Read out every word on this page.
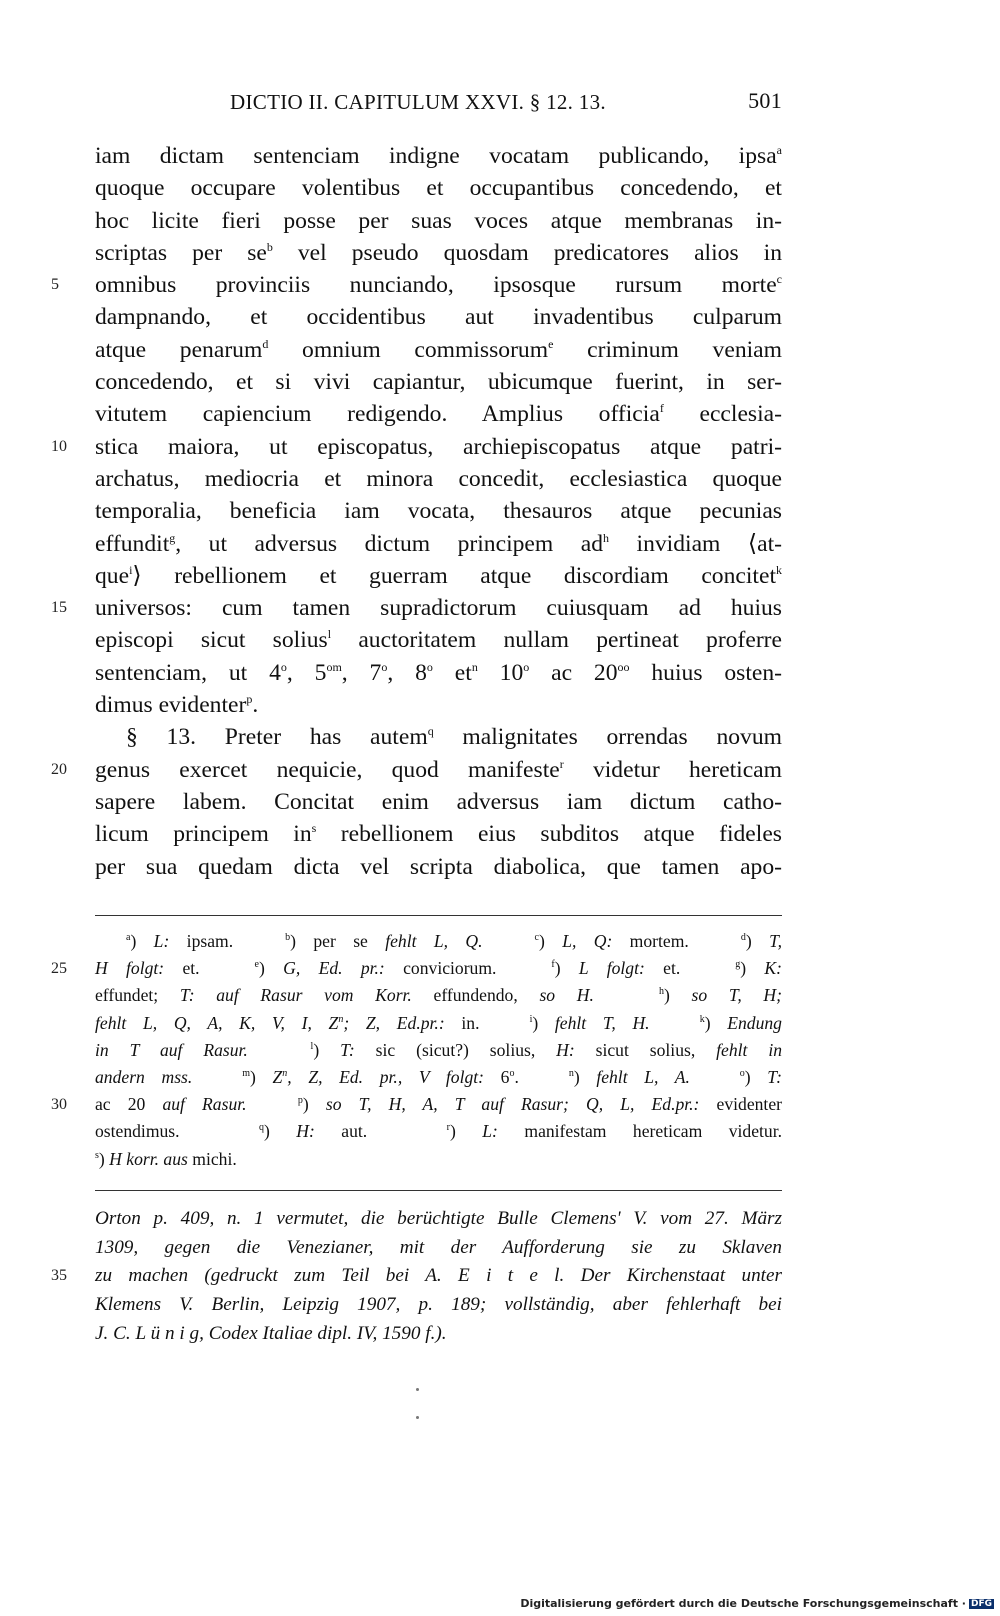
DICTIO II. CAPITULUM XXVI. § 12. 13.	501
iam dictam sentenciam indigne vocatam publicando, ipsa$^a$
quoque occupare volentibus et occupantibus concedendo, et
hoc licite fieri posse per suas voces atque membranas in-
scriptas per $se^b$ vel pseudo quosdam predicatores alios in
5	omnibus provinciis nunciando, ipsosque rursum morte$^c$
dampnando, et occidentibus aut invadentibus culparum
atque penarum$^d$ omnium commissorum$^e$ criminum veniam
concedendo, et si vivi capiantur, ubicumque fuerint, in ser-
vitutem capiencium redigendo. Amplius officia$^f$ ecclesia-
10	stica maiora, ut episcopatus, archiepiscopatus atque patri-
archatus, mediocria et minora concedit, ecclesiastica quoque
temporalia, beneficia iam vocata, thesauros atque pecunias
effundit$^g$, ut adversus dictum principem $ad^h$ invidiam ⟨at-
que$^i$⟩ rebellionem et guerram atque discordiam concitet$^k$
15	universos: cum tamen supradictorum cuiusquam ad huius
episcopi sicut solius$^l$ auctoritatem nullam pertineat proferre
sentenciam, ut 4$^o$, $5^{om}$, 7$^o$, 8$^o$ $et^n$ 10$^o$ ac $20^{oo}$ huius osten-
dimus evidenter$^p$.
§ 13. Preter has autem$^q$ malignitates orrendas novum
20	genus exercet nequicie, quod manifeste$^r$ videtur hereticam
sapere labem. Concitat enim adversus iam dictum catho-
licum principem $in^s$ rebellionem eius subditos atque fideles
per sua quedam dicta vel scripta diabolica, que tamen apo-
$^a$) L: ipsam.   $^b$) per se fehlt L, Q.	$^c$) L, Q: mortem.   $^d$) T,
25	H folgt: et.   $^e$) G, Ed. pr.: conviciorum.   $^f$) L folgt: et.   $^g$) K:
effundet; T: auf Rasur vom Korr. effundendo, so H.	$^h$) so T, H;
fehlt L, Q, A, K, V, I, $Z^n$; Z, Ed.pr.: in.   $^i$) fehlt T, H.	$^k$) Endung
in T auf Rasur.	$^l$) T: sic (sicut?) solius, H: sicut solius, fehlt in
andern mss.	$^m$) $Z^n$, Z, Ed. pr., V folgt: 6$^o$.   $^n$) fehlt L, A.	$^o$) T:
30	ac 20 auf Rasur.	$^p$) so T, H, A, T auf Rasur; Q, L, Ed.pr.: evidenter
ostendimus.   $^q$) H: aut.   $^r$) L: manifestam hereticam videtur.
$^s$) H korr. aus michi.
Orton p. 409, n. 1 vermutet, die berüchtigte Bulle Clemens' V. vom 27. März
1309, gegen die Venezianer, mit der Aufforderung sie zu Sklaven
35	zu machen (gedruckt zum Teil bei A. E i t e l. Der Kirchenstaat unter
Klemens V. Berlin, Leipzig 1907, p. 189; vollständig, aber fehlerhaft bei
J. C. L ü n i g, Codex Italiae dipl. IV, 1590 f.).
Digitalisierung gefördert durch die Deutsche Forschungsgemeinschaft · DFG
